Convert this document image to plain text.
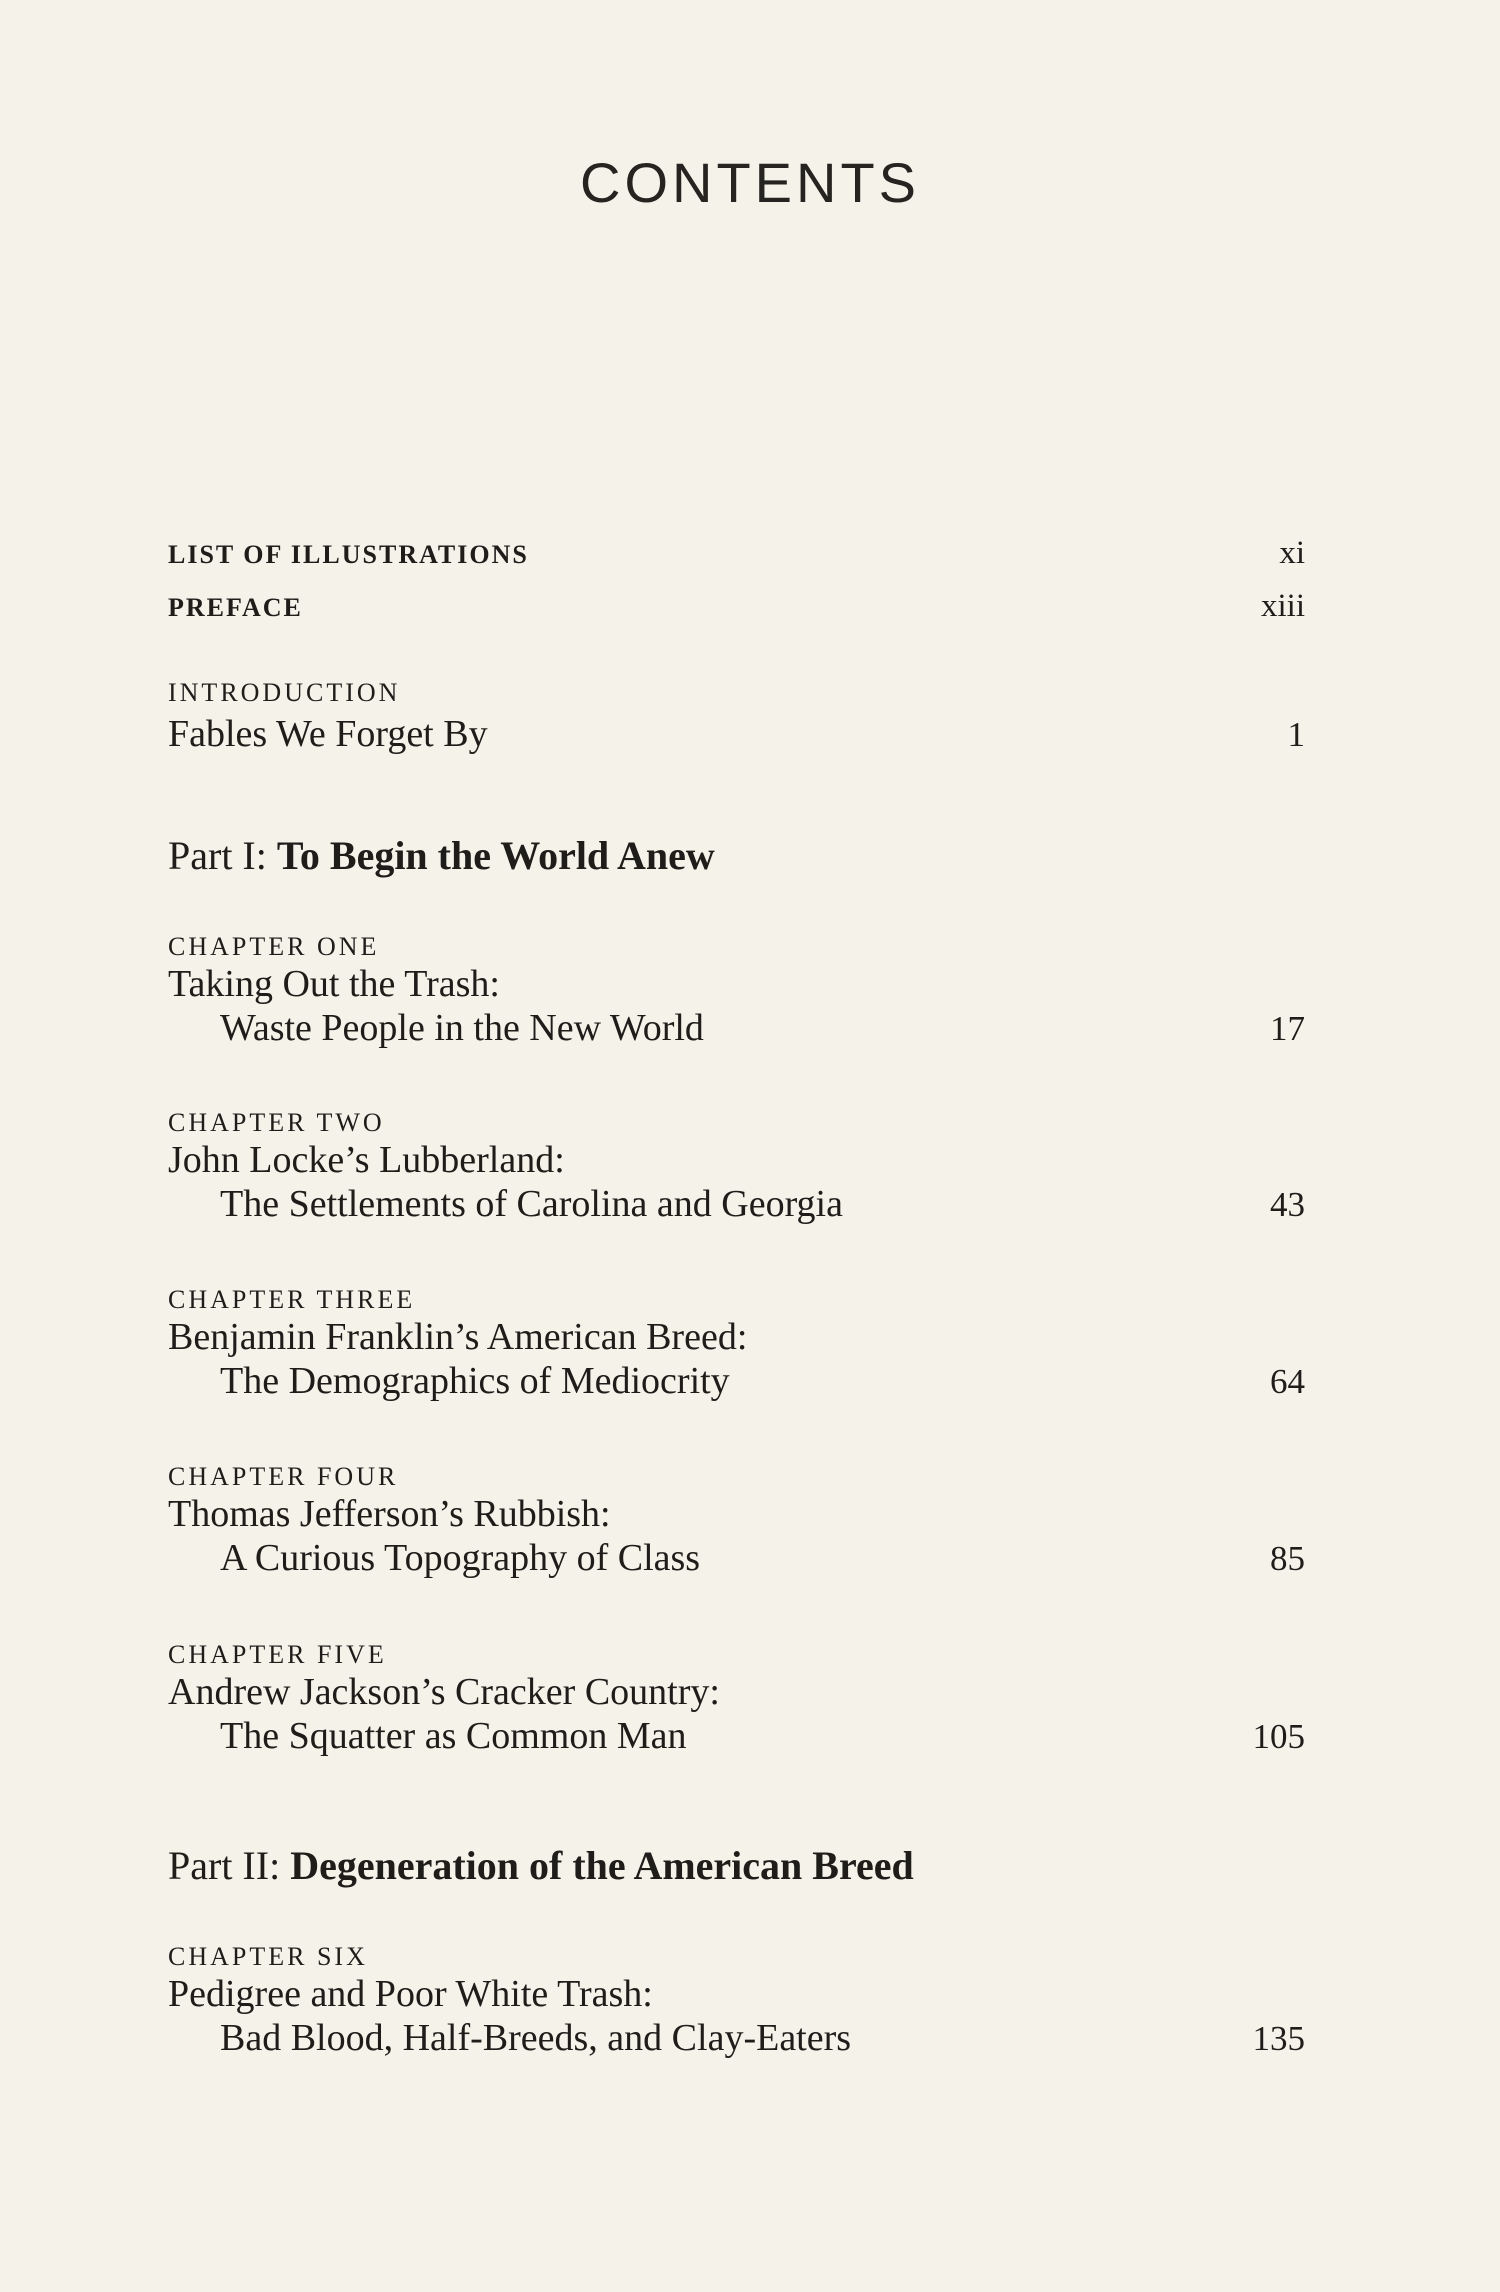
CONTENTS
LIST OF ILLUSTRATIONS	xi
PREFACE	xiii
INTRODUCTION
Fables We Forget By	1
Part I: To Begin the World Anew
CHAPTER ONE
Taking Out the Trash:
Waste People in the New World	17
CHAPTER TWO
John Locke’s Lubberland:
The Settlements of Carolina and Georgia	43
CHAPTER THREE
Benjamin Franklin’s American Breed:
The Demographics of Mediocrity	64
CHAPTER FOUR
Thomas Jefferson’s Rubbish:
A Curious Topography of Class	85
CHAPTER FIVE
Andrew Jackson’s Cracker Country:
The Squatter as Common Man	105
Part II: Degeneration of the American Breed
CHAPTER SIX
Pedigree and Poor White Trash:
Bad Blood, Half-Breeds, and Clay-Eaters	135
